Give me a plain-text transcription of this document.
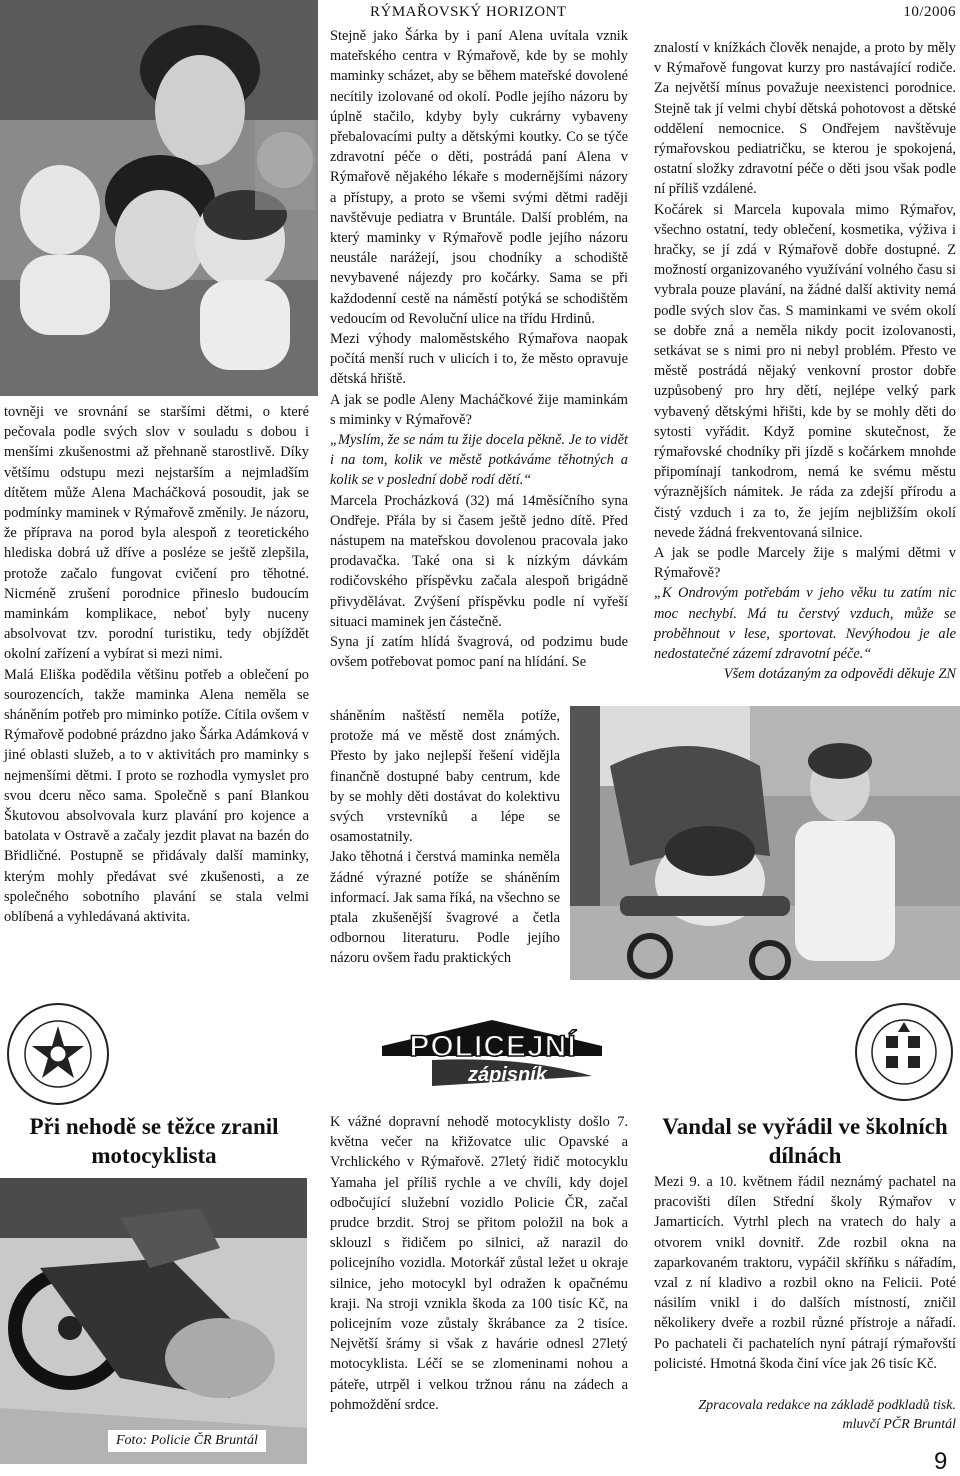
RÝMAŘOVSKÝ HORIZONT	10/2006

tovněji ve srovnání se staršími dětmi, o které pečovala podle svých slov v souladu s dobou i menšími zkušenostmi až přehnaně starostlivě. Díky většímu odstupu mezi nejstarším a nejmladším dítětem může Alena Macháčková posoudit, jak se podmínky maminek v Rýmařově změnily. Je názoru, že příprava na porod byla alespoň z teoretického hlediska dobrá už dříve a posléze se ještě zlepšila, protože začalo fungovat cvičení pro těhotné. Nicméně zrušení porodnice přineslo budoucím maminkám komplikace, neboť byly nuceny absolvovat tzv. porodní turistiku, tedy objíždět okolní zařízení a vybírat si mezi nimi.

Malá Eliška podědila většinu potřeb a oblečení po sourozencích, takže maminka Alena neměla se sháněním potřeb pro miminko potíže. Cítila ovšem v Rýmařově podobné prázdno jako Šárka Adámková v jiné oblasti služeb, a to v aktivitách pro maminky s nejmenšími dětmi. I proto se rozhodla vymyslet pro svou dceru něco sama. Společně s paní Blankou Škutovou absolvovala kurz plavání pro kojence a batolata v Ostravě a začaly jezdit plavat na bazén do Břidličné. Postupně se přidávaly další maminky, kterým mohly předávat své zkušenosti, a ze společného sobotního plavání se stala velmi oblíbená a vyhledávaná aktivita.

Stejně jako Šárka by i paní Alena uvítala vznik mateřského centra v Rýmařově, kde by se mohly maminky scházet, aby se během mateřské dovolené necítily izolované od okolí. Podle jejího názoru by úplně stačilo, kdyby byly cukrárny vybaveny přebalovacími pulty a dětskými koutky. Co se týče zdravotní péče o děti, postrádá paní Alena v Rýmařově nějakého lékaře s modernějšími názory a přístupy, a proto se všemi svými dětmi raději navštěvuje pediatra v Bruntále. Další problém, na který maminky v Rýmařově podle jejího názoru neustále narážejí, jsou chodníky a schodiště nevybavené nájezdy pro kočárky. Sama se při každodenní cestě na náměstí potýká se schodištěm vedoucím od Revoluční ulice na třídu Hrdinů.

Mezi výhody maloměstského Rýmařova naopak počítá menší ruch v ulicích i to, že město opravuje dětská hřiště.

A jak se podle Aleny Macháčkové žije maminkám s miminky v Rýmařově?

„Myslím, že se nám tu žije docela pěkně. Je to vidět i na tom, kolik ve městě potkáváme těhotných a kolik se v poslední době rodí dětí.“

Marcela Procházková (32) má 14měsíčního syna Ondřeje. Přála by si časem ještě jedno dítě. Před nástupem na mateřskou dovolenou pracovala jako prodavačka. Také ona si k nízkým dávkám rodičovského příspěvku začala alespoň brigádně přivydělávat. Zvýšení příspěvku podle ní vyřeší situaci maminek jen částečně.

Syna jí zatím hlídá švagrová, od podzimu bude ovšem potřebovat pomoc paní na hlídání. Se

sháněním naštěstí neměla potíže, protože má ve městě dost známých. Přesto by jako nejlepší řešení vidějla finančně dostupné baby centrum, kde by se mohly děti dostávat do kolektivu svých vrstevníků a lépe se osamostatnily.

Jako těhotná i čerstvá maminka neměla žádné výrazné potíže se sháněním informací. Jak sama říká, na všechno se ptala zkušenější švagrové a četla odbornou literaturu. Podle jejího názoru ovšem řadu praktických

znalostí v knížkách člověk nenajde, a proto by měly v Rýmařově fungovat kurzy pro nastávající rodiče. Za největší mínus považuje neexistenci porodnice. Stejně tak jí velmi chybí dětská pohotovost a dětské oddělení nemocnice. S Ondřejem navštěvuje rýmařovskou pediatričku, se kterou je spokojená, ostatní složky zdravotní péče o děti jsou však podle ní příliš vzdálené.

Kočárek si Marcela kupovala mimo Rýmařov, všechno ostatní, tedy oblečení, kosmetika, výživa i hračky, se jí zdá v Rýmařově dobře dostupné. Z možností organizovaného využívání volného času si vybrala pouze plavání, na žádné další aktivity nemá podle svých slov čas. S maminkami ve svém okolí se dobře zná a neměla nikdy pocit izolovanosti, setkávat se s nimi pro ni nebyl problém. Přesto ve městě postrádá nějaký venkovní prostor dobře uzpůsobený pro hry dětí, nejlépe velký park vybavený dětskými hřišti, kde by se mohly děti do sytosti vyřádit. Když pomine skutečnost, že rýmařovské chodníky při jízdě s kočárkem mnohde připomínají tankodrom, nemá ke svému městu výraznějších námitek. Je ráda za zdejší přírodu a čistý vzduch i za to, že jejím nejbližším okolí nevede žádná frekventovaná silnice.

A jak se podle Marcely žije s malými dětmi v Rýmařově?

„K Ondrovým potřebám v jeho věku tu zatím nic moc nechybí. Má tu čerstvý vzduch, může se proběhnout v lese, sportovat. Nevýhodou je ale nedostatečné zázemí zdravotní péče.“

Všem dotázaným za odpovědi děkuje ZN

POLICEJNÍ
zápisník
Při nehodě se těžce zranil motocyklista
Foto: Policie ČR Bruntál

K vážné dopravní nehodě motocyklisty došlo 7. května večer na křižovatce ulic Opavské a Vrchlického v Rýmařově. 27letý řidič motocyklu Yamaha jel příliš rychle a ve chvíli, kdy dojel odbočující služební vozidlo Policie ČR, začal prudce brzdit. Stroj se přitom položil na bok a sklouzl s řidičem po silnici, až narazil do policejního vozidla. Motorkář zůstal ležet u okraje silnice, jeho motocykl byl odražen k opačnému kraji. Na stroji vznikla škoda za 100 tisíc Kč, na policejním voze zůstaly škrábance za 2 tisíce. Největší šrámy si však z havárie odnesl 27letý motocyklista. Léčí se se zlomeninami nohou a páteře, utrpěl i velkou tržnou ránu na zádech a pohmoždění srdce.

Vandal se vyřádil ve školních dílnách

Mezi 9. a 10. květnem řádil neznámý pachatel na pracovišti dílen Střední školy Rýmařov v Jamarticích. Vytrhl plech na vratech do haly a otvorem vnikl dovnitř. Zde rozbil okna na zaparkovaném traktoru, vypáčil skříňku s nářadím, vzal z ní kladivo a rozbil okno na Felicii. Poté násilím vnikl i do dalších místností, zničil několikery dveře a rozbil různé přístroje a nářadí. Po pachateli či pachatelích nyní pátrají rýmařovští policisté. Hmotná škoda činí více jak 26 tisíc Kč.

Zpracovala redakce na základě podkladů tisk. mluvčí PČR Bruntál
9
